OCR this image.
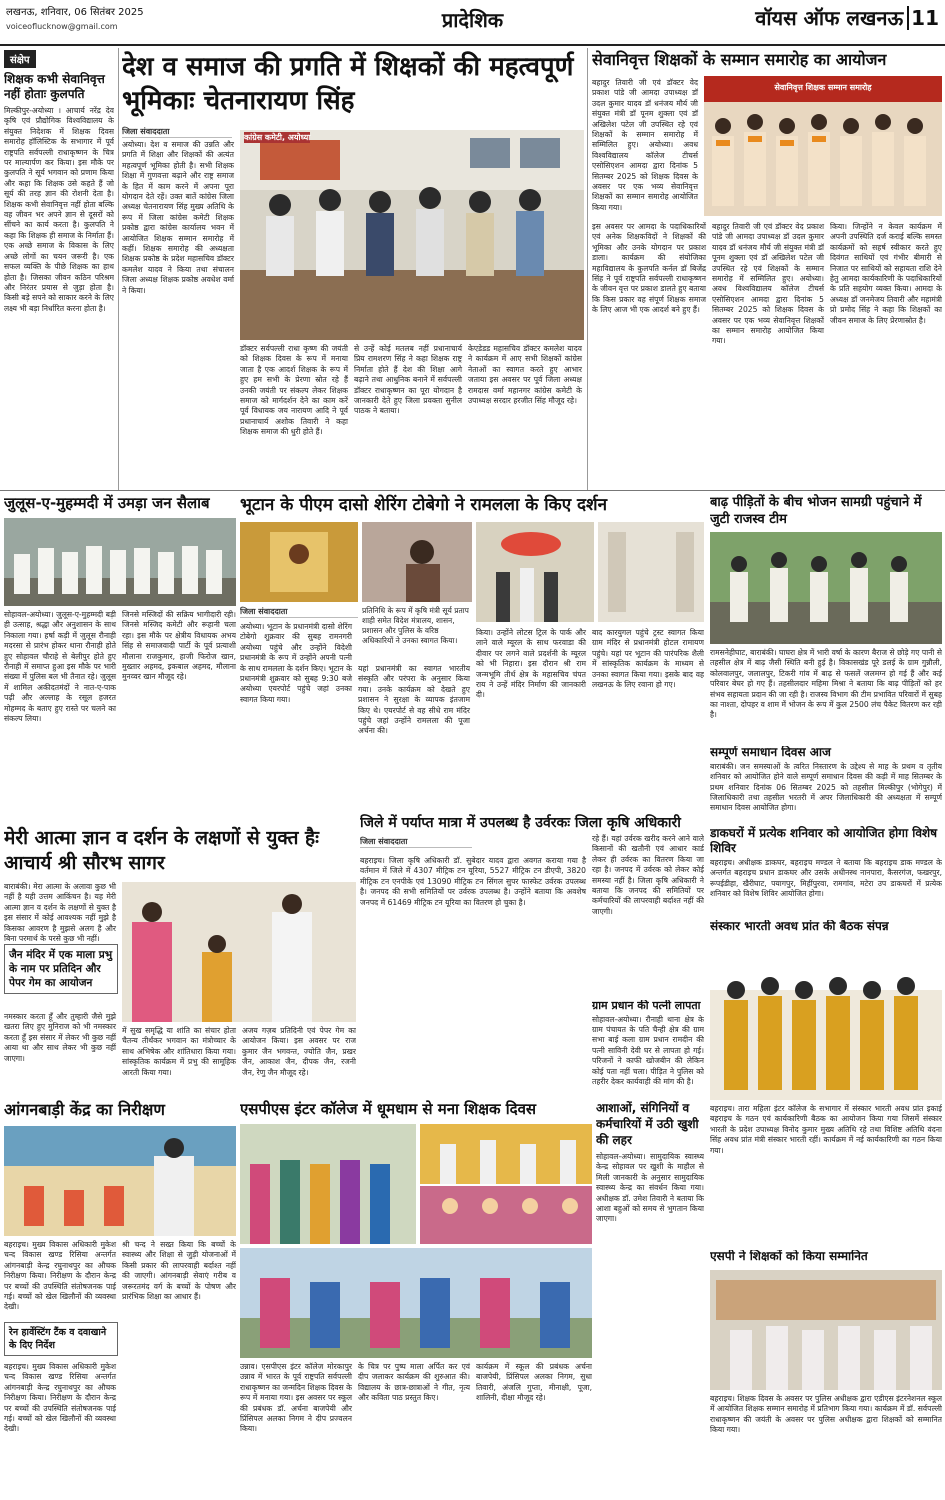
लखनऊ, शनिवार, 06 सितंबर 2025
voiceoflucknow@gmail.com	प्रादेशिक	वॉयस ऑफ लखनऊ 11
संक्षेप
शिक्षक कभी सेवानिवृत्त नहीं होताः कुलपति
मिल्कीपुर-अयोध्या । आचार्य नरेंद्र देव कृषि एवं प्रौद्योगिक विश्वविद्यालय के संयुक्त निदेशक में शिक्षक दिवस समारोह हॉलिस्टिक के सभागार में पूर्व राष्ट्रपति सर्वपल्ली राधाकृष्णन के चित्र पर माल्यार्पण कर किया। इस मौके पर कुलपति ने सूर्य भगवान को प्रणाम किया और कहा कि शिक्षक उसे कहते हैं जो सूर्य की तरह ज्ञान की रोशनी देता है। शिक्षक कभी सेवानिवृत्त नहीं होता बल्कि वह जीवन भर अपने ज्ञान से दूसरों को सींचने का कार्य करता है। कुलपति ने कहा कि शिक्षक ही समाज के निर्माता हैं। एक अच्छे समाज के विकास के लिए अच्छे लोगों का चयन जरूरी है। एक सफल व्यक्ति के पीछे शिक्षक का हाथ होता है। जिसका जीवन कठिन परिश्रम और निरंतर प्रयास से जुड़ा होता है। किसी बड़े सपने को साकार करने के लिए लक्ष्य भी बड़ा निर्धारित करना होता है।
देश व समाज की प्रगति में शिक्षकों की महत्वपूर्ण भूमिकाः चेतनारायण सिंह
जिला संवाददाता
अयोध्या। देश व समाज की उन्नति और प्रगति में शिक्षा और शिक्षकों की अत्यंत महत्वपूर्ण भूमिका होती है। सभी शिक्षक शिक्षा में गुणवत्ता बढ़ाने और राष्ट्र समाज के हित में काम करने में अपना पूरा योगदान देते रहें। उक्त बातें कांग्रेस जिला अध्यक्ष चेतनारायण सिंह मुख्य अतिथि के रूप में जिला कांग्रेस कमेटी शिक्षक प्रकोष्ठ द्वारा कांग्रेस कार्यालय भवन में आयोजित शिक्षक सम्मान समारोह में कहीं। शिक्षक समारोह की अध्यक्षता शिक्षक प्रकोष्ठ के प्रदेश महासचिव डॉक्टर कमलेश यादव ने किया तथा संचालन जिला अध्यक्ष शिक्षक प्रकोष्ठ अवधेश वर्मा ने किया।
कांग्रेस कमेटी, अयोध्या
डॉक्टर सर्वपल्ली राधा कृष्ण की जयंती को शिक्षक दिवस के रूप में मनाया जाता है एक आदर्श शिक्षक के रूप में हुए हम सभी के प्रेरणा स्रोत रहे हैं उनकी जयंती पर संकल्प लेकर शिक्षक समाज को मार्गदर्शन देने का काम करें पूर्व विधायक जय नारायण आदि ने पूर्व प्रधानाचार्य अशोक तिवारी ने कहा शिक्षक समाज की धुरी होते हैं।
से उन्हें कोई मतलब नहीं प्रधानाचार्य प्रिय रामशरण सिंह ने कहा शिक्षक राष्ट्र निर्माता होते हैं देश की शिक्षा आगे बढ़ाने तथा आधुनिक बनाने में सर्वपल्ली डॉक्टर राधाकृष्णन का पूरा योगदान है जानकारी देते हुए जिला प्रवक्ता सुनील पाठक ने बताया।
केएडेडड महासचिव डॉक्टर कमलेश यादव ने कार्यक्रम में आए सभी शिक्षकों कांग्रेस नेताओं का स्वागत करते हुए आभार जताया इस अवसर पर पूर्व जिला अध्यक्ष रामदास वर्मा महानगर कांग्रेस कमेटी के उपाध्यक्ष सरदार हरजीत सिंह मौजूद रहे।
सेवानिवृत्त शिक्षकों के सम्मान समारोह का आयोजन
बहादुर तिवारी जी एवं डॉक्टर वेद प्रकाश पांडे जी आमदा उपाध्यक्ष डॉ उदल कुमार यादव डॉ धनंजय मौर्य जी संयुक्त मंत्री डॉ पूनम शुक्ला एवं डॉ अखिलेश पटेल जी उपस्थित रहे एवं शिक्षकों के सम्मान समारोह में सम्मिलित हुए। अयोध्या। अवध विश्वविद्यालय कॉलेज टीचर्स एसोसिएशन आमदा द्वारा दिनांक 5 सितम्बर 2025 को शिक्षक दिवस के अवसर पर एक भव्य सेवानिवृत्त शिक्षकों का सम्मान समारोह आयोजित किया गया।
सेवानिवृत्त शिक्षक सम्मान समारोह
इस अवसर पर आमदा के पदाधिकारियों एवं अनेक शिक्षकविदों ने शिक्षकों की भूमिका और उनके योगदान पर प्रकाश डाला। कार्यक्रम की संयोजिका महाविद्यालय के कुलपति कर्नल डॉ बिजेंद्र सिंह ने पूर्व राष्ट्रपति सर्वपल्ली राधाकृष्णन के जीवन वृत्त पर प्रकाश डालते हुए बताया कि किस प्रकार वह संपूर्ण शिक्षक समाज के लिए आज भी एक आदर्श बने हुए हैं।
बहादुर तिवारी जी एवं डॉक्टर वेद प्रकाश पांडे जी आमदा उपाध्यक्ष डॉ उदल कुमार यादव डॉ धनंजय मौर्य जी संयुक्त मंत्री डॉ पूनम शुक्ला एवं डॉ अखिलेश पटेल जी उपस्थित रहे एवं शिक्षकों के सम्मान समारोह में सम्मिलित हुए। अयोध्या। अवध विश्वविद्यालय कॉलेज टीचर्स एसोसिएशन आमदा द्वारा दिनांक 5 सितम्बर 2025 को शिक्षक दिवस के अवसर पर एक भव्य सेवानिवृत्त शिक्षकों का सम्मान समारोह आयोजित किया गया।
किया। जिन्होंने न केवल कार्यक्रम में अपनी उपस्थिति दर्ज कराई बल्कि समस्त कार्यक्रमों को सहर्ष स्वीकार करते हुए दिवंगत साथियों एवं गंभीर बीमारी से निजात पर साथियों को सहायता राशि देने हेतु आमदा कार्यकारिणी के पदाधिकारियों के प्रति सहयोग व्यक्त किया। आमदा के अध्यक्ष डॉ जनमेजय तिवारी और महामंत्री प्रो प्रमोद सिंह ने कहा कि शिक्षकों का जीवन समाज के लिए प्रेरणास्रोत है।
जुलूस-ए-मुहम्मदी में उमड़ा जन सैलाब
सोहावल-अयोध्या। जुलूस-ए-मुहम्मदी बड़ी ही उत्साह, श्रद्धा और अनुशासन के साथ निकाला गया। हर्षा कड़ी में जुलूस रौनाही मदरसा से प्रारंभ होकर थाना रौनाही होते हुए सोहावल चौराहे से बेलीपुर होते हुए रौनाही में समाप्त हुआ इस मौके पर भारी संख्या में पुलिस बल भी तैनात रहे। जुलूस में शामिल अकीदतमंदों ने नात-ए-पाक पढ़ी और अल्लाह के रसूल हजरत मोहम्मद के बताए हुए रास्ते पर चलने का संकल्प लिया।
जिनसे मस्जिदों की सक्रिय भागीदारी रही। जिनसे मस्जिद कमेटी और रूहानी चला रहा। इस मौके पर क्षेत्रीय विधायक अभय सिंह से समाजवादी पार्टी के पूर्व प्रत्याशी मौलाना राजकुमार, हाजी फिरोज खान, मुख्तार अहमद, इकबाल अहमद, मौलाना मुनव्वर खान मौजूद रहे।
भूटान के पीएम दासो शेरिंग टोबेगो ने रामलला के किए दर्शन
जिला संवाददाता	प्रतिनिधि के रूप में कृषि मंत्री सूर्य प्रताप शाही समेत विदेश मंत्रालय, शासन, प्रशासन और पुलिस के वरिष्ठ अधिकारियों ने उनका स्वागत किया।
अयोध्या। भूटान के प्रधानमंत्री दासो शेरिंग टोबेगो शुक्रवार की सुबह रामनगरी अयोध्या पहुंचे और उन्होंने विदेशी प्रधानमंत्री के रूप में उन्होंने अपनी पत्नी के साथ रामलला के दर्शन किए। भूटान के प्रधानमंत्री शुक्रवार को सुबह 9:30 बजे अयोध्या एयरपोर्ट पहुंचे जहां उनका स्वागत किया गया।
यहां प्रधानमंत्री का स्वागत भारतीय संस्कृति और परंपरा के अनुसार किया गया। उनके कार्यक्रम को देखते हुए प्रशासन ने सुरक्षा के व्यापक इंतजाम किए थे। एयरपोर्ट से वह सीधे राम मंदिर पहुंचे जहां उन्होंने रामलला की पूजा अर्चना की।
किया। उन्होंने लोटस ट्रिल के पार्क और लाने वाले म्यूरल के साथ फरवाडा की दीवार पर लगने वाले प्रदर्शनी के म्यूरल को भी निहारा। इस दौरान श्री राम जन्मभूमि तीर्थ क्षेत्र के महासचिव चंपत राय ने उन्हें मंदिर निर्माण की जानकारी दी।
बाद कारयुगल पहुंचे ट्रस्ट स्वागत किया ग्राम मंदिर से प्रधानमंत्री होटल रामायण पहुंचे। यहां पर भूटान की पारंपरिक शैली में सांस्कृतिक कार्यक्रम के माध्यम से उनका स्वागत किया गया। इसके बाद वह लखनऊ के लिए रवाना हो गए।
बाढ़ पीड़ितों के बीच भोजन सामग्री पहुंचाने में जुटी राजस्व टीम
रामसनेहीघाट, बाराबंकी। घाघरा क्षेत्र में भारी वर्षा के कारण बैराज से छोड़े गए पानी से तहसील क्षेत्र में बाढ़ जैसी स्थिति बनी हुई है। विकासखंड पूरे डलई के ग्राम गुन्नौली, कोलवालपुर, जलालपुर, टिकरी गांव में बाढ़ से फसलें जलमग्न हो गई हैं और कई परिवार बेघर हो गए हैं। तहसीलदार महिमा मिश्रा ने बताया कि बाढ़ पीड़ितों को हर संभव सहायता प्रदान की जा रही है। राजस्व विभाग की टीम प्रभावित परिवारों में सुबह का नाश्ता, दोपहर व शाम में भोजन के रूप में कुल 2500 लंच पैकेट वितरण कर रही है।
सम्पूर्ण समाधान दिवस आज
बाराबंकी। जन समस्याओं के त्वरित निस्तारण के उद्देश्य से माह के प्रथम व तृतीय शनिवार को आयोजित होने वाले सम्पूर्ण समाधान दिवस की कड़ी में माह सितम्बर के प्रथम शनिवार दिनांक 06 सितम्बर 2025 को तहसील मिल्कीपुर (भोगेपुर) में जिलाधिकारी तथा तहसील भरतरी में अपर जिलाधिकारी की अध्यक्षता में सम्पूर्ण समाधान दिवस आयोजित होगा।
डाकघरों में प्रत्येक शनिवार को आयोजित होगा विशेष शिविर
बहराइच। अधीक्षक डाकघर, बहराइच मण्डल ने बताया कि बहराइच डाक मण्डल के अन्तर्गत बहराइच प्रधान डाकघर और उसके अधीनस्थ नानपारा, कैसरगंज, फखरपुर, रूपईडीहा, खैरीघाट, पयागपुर, मिहींपुरवा, रामगांव, मटेरा उप डाकघरों में प्रत्येक शनिवार को विशेष शिविर आयोजित होगा।
मेरी आत्मा ज्ञान व दर्शन के लक्षणों से युक्त हैः आचार्य श्री सौरभ सागर
बाराबंकी। मेरा आत्मा के अलावा कुछ भी नहीं है यही उत्तम आकिंचन है। यह मेरी आत्मा ज्ञान व दर्शन के लक्षणों से युक्त है इस संसार में कोई आवश्यक नहीं मुझे है किसका आवरण है मुझसे अलग है और बिना परमार्थ के परसे कुछ भी नहीं।
जैन मंदिर में एक माला प्रभु के नाम पर प्रतिदिन और पेपर गेम का आयोजन
नमस्कार करता हूँ और तुम्हारी जैसे मुझे खतरा लिए हुए मुनिराज को भी नमस्कार करता हूँ इस संसार में लेकर भी कुछ नहीं आया था और साथ लेकर भी कुछ नहीं जाएगा।
में सुख समृद्धि या शांति का संचार होता चैतन्य तीर्थंकर भगवान का मंत्रोच्चार के साथ अभिषेक और शांतिधारा किया गया। सांस्कृतिक कार्यक्रम में प्रभु की सामूहिक आरती किया गया।
अजय गज़ब प्रतिदिनी एवं पेपर गेम का आयोजन किया। इस अवसर पर राज कुमार जैन भगवन्त, ज्योति जैन, प्रखर जैन, आकाश जैन, दीपक जैन, रजनी जैन, रेणु जैन मौजूद रहे।
जिले में पर्याप्त मात्रा में उपलब्ध है उर्वरकः जिला कृषि अधिकारी
जिला संवाददाता
बहराइच। जिला कृषि अधिकारी डॉ. सुबेदार यादव द्वारा अवगत कराया गया है वर्तमान में जिले में 4307 मीट्रिक टन यूरिया, 5527 मीट्रिक टन डीएपी, 3820 मीट्रिक टन एनपीके एवं 13090 मीट्रिक टन सिंगल सुपर फास्फेट उर्वरक उपलब्ध है। जनपद की सभी समितियों पर उर्वरक उपलब्ध है। उन्होंने बताया कि अवशेष जनपद में 61469 मीट्रिक टन यूरिया का वितरण हो चुका है।
रहे हैं। यहां उर्वरक खरीद करने आने वाले किसानों की खतौनी एवं आधार कार्ड लेकर ही उर्वरक का वितरण किया जा रहा है। जनपद में उर्वरक को लेकर कोई समस्या नहीं है। जिला कृषि अधिकारी ने बताया कि जनपद की समितियों पर कर्मचारियों की लापरवाही बर्दाश्त नहीं की जाएगी।
ग्राम प्रधान की पत्नी लापता
सोहावल-अयोध्या। रौनाही थाना क्षेत्र के ग्राम पंचायत के पति चैन्ही क्षेत्र की ग्राम सभा बाई कला ग्राम प्रधान रामदीन की पत्नी साविनी देवी घर से लापता हो गई। परिजनों ने काफी खोजबीन की लेकिन कोई पता नहीं चला। पीड़ित ने पुलिस को तहरीर देकर कार्यवाही की मांग की है।
संस्कार भारती अवध प्रांत की बैठक संपन्न
बहराइच। तारा महिला इंटर कॉलेज के सभागार में संस्कार भारती अवध प्रांत इकाई बहराइच के गठन एवं कार्यकारिणी बैठक का आयोजन किया गया जिसमें संस्कार भारती के प्रदेश उपाध्यक्ष विनोद कुमार मुख्य अतिथि रहे तथा विशिष्ट अतिथि वंदना सिंह अवध प्रांत मंत्री संस्कार भारती रहीं। कार्यक्रम में नई कार्यकारिणी का गठन किया गया।
एसपी ने शिक्षकों को किया सम्मानित
बहराइच। शिक्षक दिवस के अवसर पर पुलिस अधीक्षक द्वारा एडीएस इंटरनेशनल स्कूल में आयोजित शिक्षक सम्मान समारोह में प्रतिभाग किया गया। कार्यक्रम में डॉ. सर्वपल्ली राधाकृष्णन की जयंती के अवसर पर पुलिस अधीक्षक द्वारा शिक्षकों को सम्मानित किया गया।
आंगनबाड़ी केंद्र का निरीक्षण
बहराइच। मुख्य विकास अधिकारी मुकेश चन्द विकास खण्ड रिसिया अन्तर्गत आंगनबाड़ी केन्द्र रघुनाथपुर का औचक निरीक्षण किया। निरीक्षण के दौरान केन्द्र पर बच्चों की उपस्थिति संतोषजनक पाई गई। बच्चों को खेल खिलौनों की व्यवस्था देखी।
रेन हार्वेस्टिंग टैंक व दवाखाने के दिए निर्देश
बहराइच। मुख्य विकास अधिकारी मुकेश चन्द विकास खण्ड रिसिया अन्तर्गत आंगनबाड़ी केन्द्र रघुनाथपुर का औचक निरीक्षण किया। निरीक्षण के दौरान केन्द्र पर बच्चों की उपस्थिति संतोषजनक पाई गई। बच्चों को खेल खिलौनों की व्यवस्था देखी।
श्री चन्द ने सख्त किया कि बच्चों के स्वास्थ्य और शिक्षा से जुड़ी योजनाओं में किसी प्रकार की लापरवाही बर्दाश्त नहीं की जाएगी। आंगनबाड़ी सेवाएं गरीब व जरूरतमंद वर्ग के बच्चों के पोषण और प्रारंभिक शिक्षा का आधार हैं।
एसपीएस इंटर कॉलेज में धूमधाम से मना शिक्षक दिवस
उन्नाव। एसपीएस इंटर कॉलेज मोरकापुर उन्नाव में भारत के पूर्व राष्ट्रपति सर्वपल्ली राधाकृष्णन का जन्मदिन शिक्षक दिवस के रूप में मनाया गया। इस अवसर पर स्कूल की प्रबंधक डॉ. अर्चना बाजपेयी और प्रिंसिपल अलका निगम ने दीप प्रज्वलन किया।
के चित्र पर पुष्प माला अर्पित कर एवं दीप जलाकर कार्यक्रम की शुरुआत की। विद्यालय के छात्र-छात्राओं ने गीत, नृत्य और कविता पाठ प्रस्तुत किए।
कार्यक्रम में स्कूल की प्रबंधक अर्चना बाजपेयी, प्रिंसिपल अलका निगम, सुधा तिवारी, अंजलि गुप्ता, मीनाक्षी, पूजा, शालिनी, दीक्षा मौजूद रहे।
आशाओं, संगिनियों व कर्मचारियों में उठी खुशी की लहर
सोहावल-अयोध्या। सामुदायिक स्वास्थ्य केन्द्र सोहावल पर खुशी के माहौल से मिली जानकारी के अनुसार सामुदायिक स्वास्थ्य केन्द्र का संवर्धन किया गया। अधीक्षक डॉ. उमेश तिवारी ने बताया कि आशा बहुओं को समय से भुगतान किया जाएगा।
